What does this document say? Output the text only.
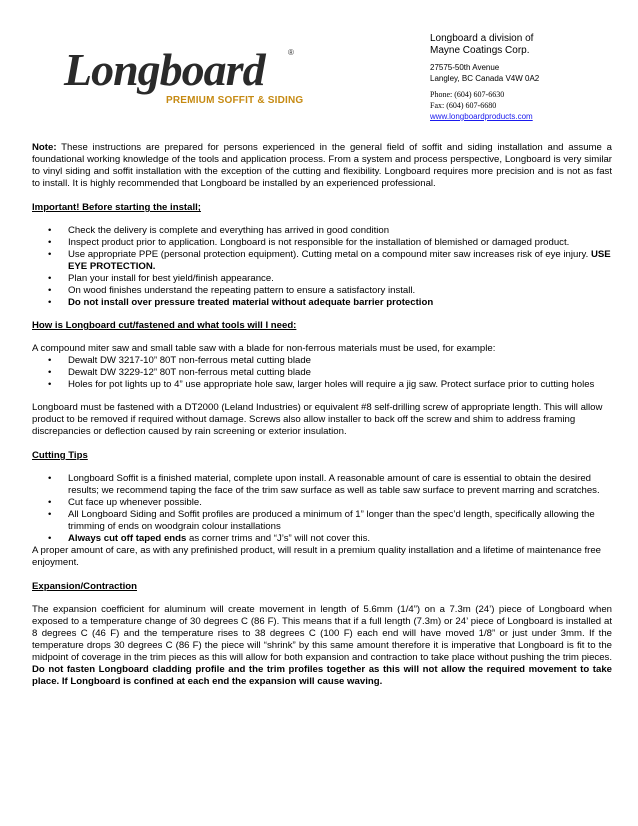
Longboard	®
PREMIUM SOFFIT & SIDING
Longboard a division of
Mayne Coatings Corp.
27575-50th Avenue
Langley, BC Canada V4W 0A2
Phone: (604) 607-6630
Fax: (604) 607-6680
www.longboardproducts.com

Note: These instructions are prepared for persons experienced in the general field of soffit and siding installation and assume a foundational working knowledge of the tools and application process. From a system and process perspective, Longboard is very similar to vinyl siding and soffit installation with the exception of the cutting and flexibility. Longboard requires more precision and is not as fast to install. It is highly recommended that Longboard be installed by an experienced professional.

Important! Before starting the install;
• Check the delivery is complete and everything has arrived in good condition
• Inspect product prior to application. Longboard is not responsible for the installation of blemished or damaged product.
• Use appropriate PPE (personal protection equipment). Cutting metal on a compound miter saw increases risk of eye injury. USE EYE PROTECTION.
• Plan your install for best yield/finish appearance.
• On wood finishes understand the repeating pattern to ensure a satisfactory install.
• Do not install over pressure treated material without adequate barrier protection
How is Longboard cut/fastened and what tools will I need:
A compound miter saw and small table saw with a blade for non-ferrous materials must be used, for example:
• Dewalt DW 3217-10” 80T non-ferrous metal cutting blade
• Dewalt DW 3229-12” 80T non-ferrous metal cutting blade
• Holes for pot lights up to 4” use appropriate hole saw, larger holes will require a jig saw. Protect surface prior to cutting holes

Longboard must be fastened with a DT2000 (Leland Industries) or equivalent #8 self-drilling screw of appropriate length. This will allow product to be removed if required without damage. Screws also allow installer to back off the screw and shim to address framing discrepancies or deflection caused by rain screening or exterior insulation.

Cutting Tips
• Longboard Soffit is a finished material, complete upon install. A reasonable amount of care is essential to obtain the desired results; we recommend taping the face of the trim saw surface as well as table saw surface to prevent marring and scratches.
• Cut face up whenever possible.
• All Longboard Siding and Soffit profiles are produced a minimum of 1” longer than the spec’d length, specifically allowing the trimming of ends on woodgrain colour installations
• Always cut off taped ends as corner trims and “J’s” will not cover this.

A proper amount of care, as with any prefinished product, will result in a premium quality installation and a lifetime of maintenance free enjoyment.

Expansion/Contraction

The expansion coefficient for aluminum will create movement in length of 5.6mm (1/4”) on a 7.3m (24’) piece of Longboard when exposed to a temperature change of 30 degrees C (86 F). This means that if a full length (7.3m) or 24’ piece of Longboard is installed at 8 degrees C (46 F) and the temperature rises to 38 degrees C (100 F) each end will have moved 1/8” or just under 3mm. If the temperature drops 30 degrees C (86 F) the piece will “shrink” by this same amount therefore it is imperative that Longboard is fit to the midpoint of coverage in the trim pieces as this will allow for both expansion and contraction to take place without pushing the trim pieces. Do not fasten Longboard cladding profile and the trim profiles together as this will not allow the required movement to take place. If Longboard is confined at each end the expansion will cause waving.
